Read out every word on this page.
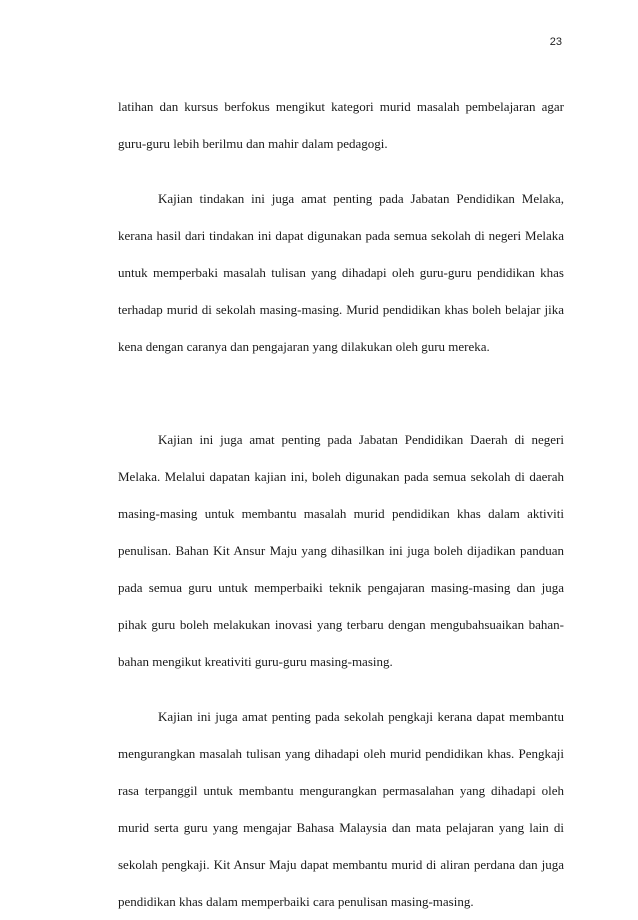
23

latihan dan kursus berfokus mengikut kategori murid masalah pembelajaran agar guru-guru lebih berilmu dan mahir dalam pedagogi.

Kajian tindakan ini juga amat penting pada Jabatan Pendidikan Melaka, kerana hasil dari tindakan ini dapat digunakan pada semua sekolah di negeri Melaka untuk memperbaki masalah tulisan yang dihadapi oleh guru-guru pendidikan khas terhadap murid di sekolah masing-masing. Murid pendidikan khas boleh belajar jika kena dengan caranya dan pengajaran yang dilakukan oleh guru mereka.

Kajian ini juga amat penting pada Jabatan Pendidikan Daerah di negeri Melaka. Melalui dapatan kajian ini, boleh digunakan pada semua sekolah di daerah masing-masing untuk membantu masalah murid pendidikan khas dalam aktiviti penulisan. Bahan Kit Ansur Maju yang dihasilkan ini juga boleh dijadikan panduan pada semua guru untuk memperbaiki teknik pengajaran masing-masing dan juga pihak guru boleh melakukan inovasi yang terbaru dengan mengubahsuaikan bahan-bahan mengikut kreativiti guru-guru masing-masing.

Kajian ini juga amat penting pada sekolah pengkaji kerana dapat membantu mengurangkan masalah tulisan yang dihadapi oleh murid pendidikan khas. Pengkaji rasa terpanggil untuk membantu mengurangkan permasalahan yang dihadapi oleh murid serta guru yang mengajar Bahasa Malaysia dan mata pelajaran yang lain di sekolah pengkaji. Kit Ansur Maju dapat membantu murid di aliran perdana dan juga pendidikan khas dalam memperbaiki cara penulisan masing-masing.
